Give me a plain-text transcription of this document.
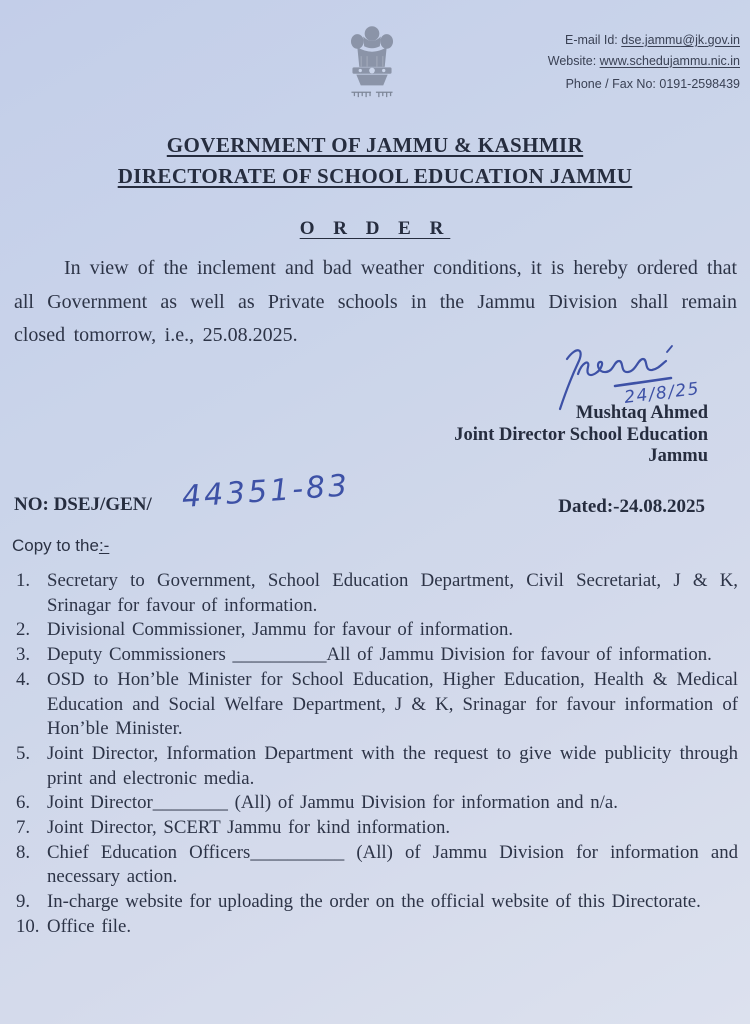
E-mail Id: dse.jammu@jk.gov.in
Website: www.schedujammu.nic.in
Phone / Fax No: 0191-2598439
GOVERNMENT OF JAMMU & KASHMIR
DIRECTORATE OF SCHOOL EDUCATION JAMMU
O R D E R

In view of the inclement and bad weather conditions, it is hereby ordered that all Government as well as Private schools in the Jammu Division shall remain closed tomorrow, i.e., 25.08.2025.

24/8/25
Mushtaq Ahmed
Joint Director School Education
Jammu
NO: DSEJ/GEN/ 44351-83	Dated:-24.08.2025
Copy to the:-
1. Secretary to Government, School Education Department, Civil Secretariat, J & K, Srinagar for favour of information.
2. Divisional Commissioner, Jammu for favour of information.
3. Deputy Commissioners __________All of Jammu Division for favour of information.
4. OSD to Hon’ble Minister for School Education, Higher Education, Health & Medical Education and Social Welfare Department, J & K, Srinagar for favour information of Hon’ble Minister.
5. Joint Director, Information Department with the request to give wide publicity through print and electronic media.
6. Joint Director________ (All) of Jammu Division for information and n/a.
7. Joint Director, SCERT Jammu for kind information.
8. Chief Education Officers__________ (All) of Jammu Division for information and necessary action.
9. In-charge website for uploading the order on the official website of this Directorate.
10. Office file.
